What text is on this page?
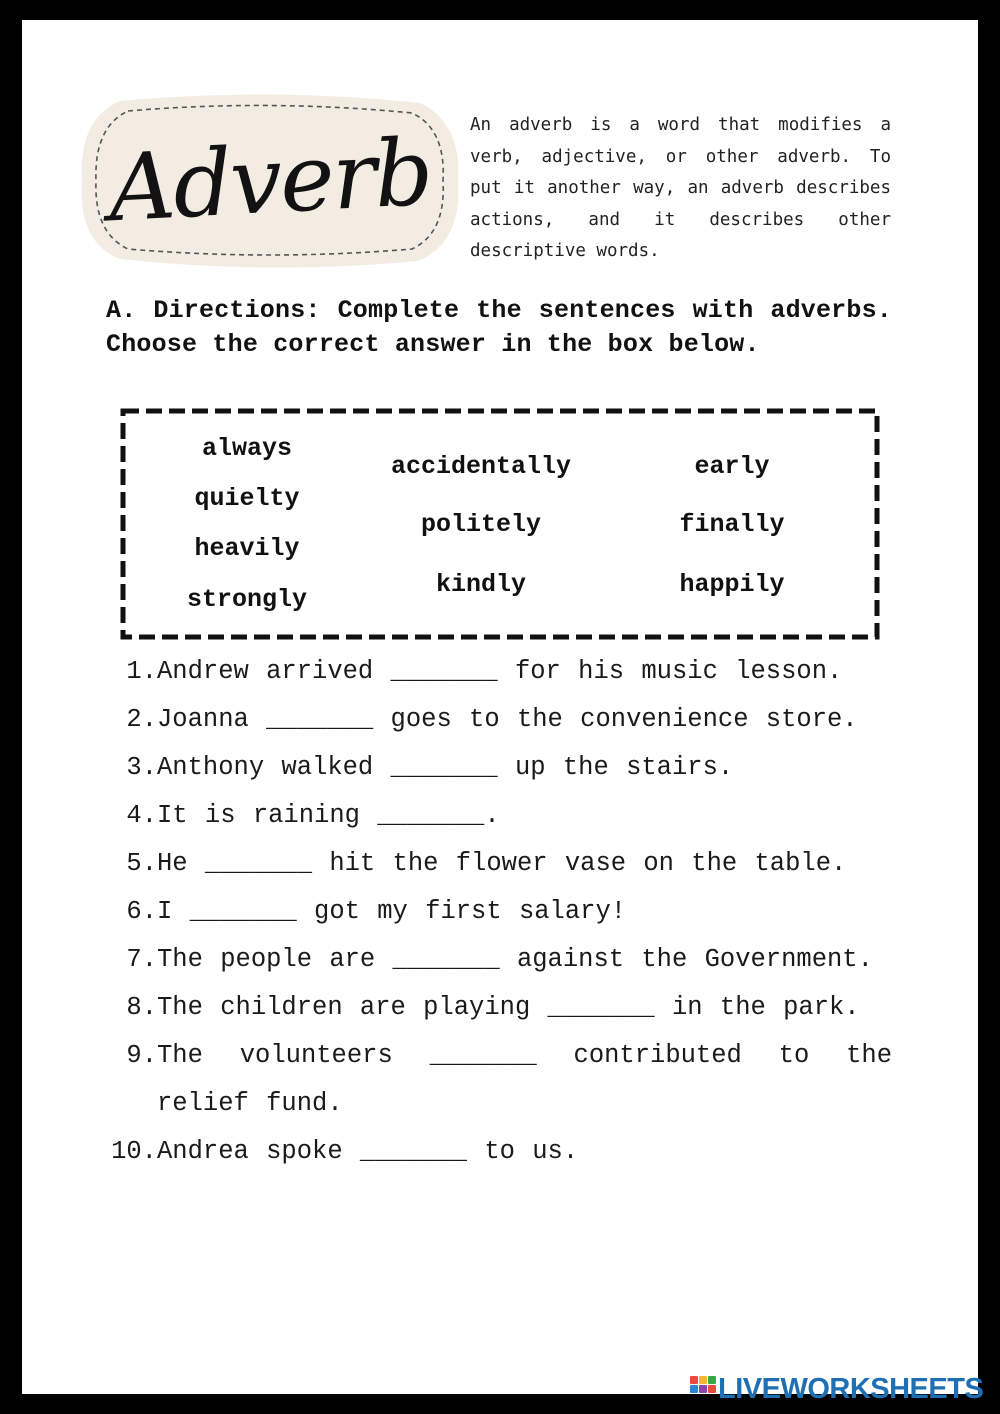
Adverb	An adverb is a word that modifies a verb, adjective, or other adverb. To put it another way, an adverb describes actions, and it describes other descriptive words.
A. Directions: Complete the sentences with adverbs. Choose the correct answer in the box below.
always
quielty
heavily
strongly
accidentally
politely
kindly
early
finally
happily
1. Andrew arrived _______ for his music lesson.
2. Joanna _______ goes to the convenience store.
3. Anthony walked _______ up the stairs.
4. It is raining _______.
5. He _______ hit the flower vase on the table.
6. I _______ got my first salary!
7. The people are _______ against the Government.
8. The children are playing _______ in the park.
9. The volunteers _______ contributed to the relief fund.
10. Andrea spoke _______ to us.
LIVEWORKSHEETS
